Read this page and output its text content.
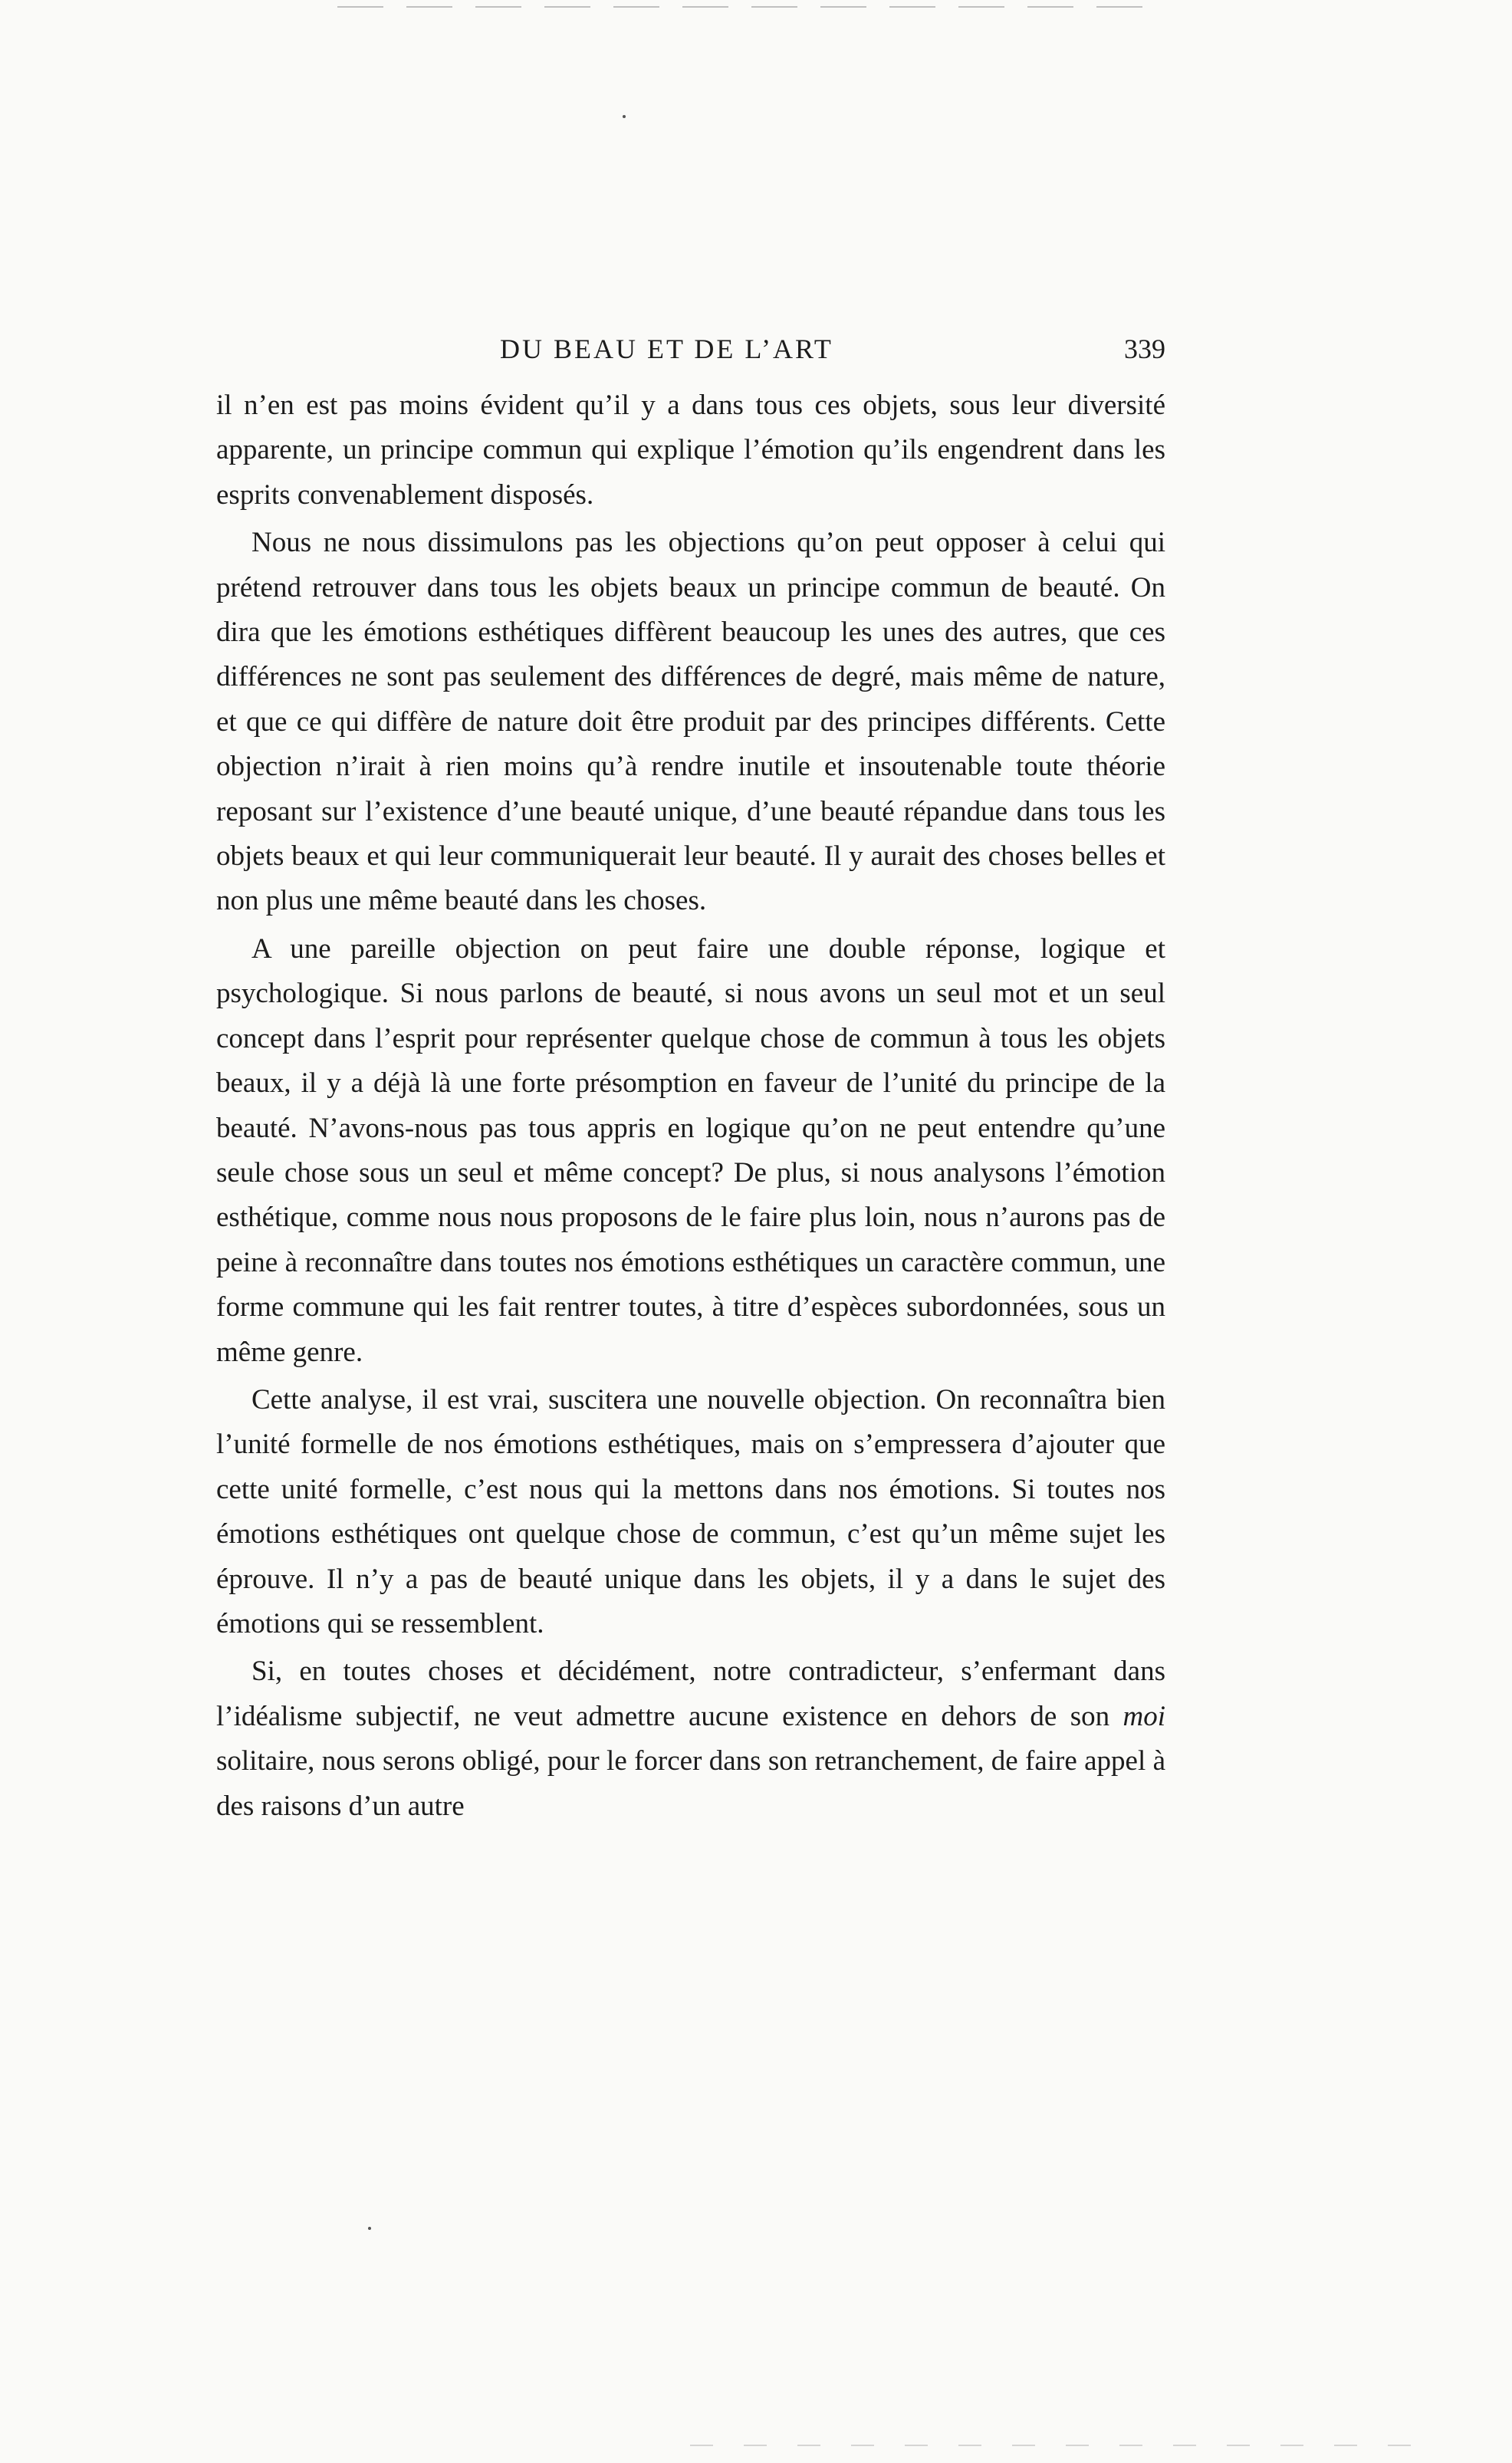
DU BEAU ET DE L’ART	339

il n’en est pas moins évident qu’il y a dans tous ces objets, sous leur diversité apparente, un principe commun qui explique l’émotion qu’ils engendrent dans les esprits convenablement disposés.

Nous ne nous dissimulons pas les objections qu’on peut opposer à celui qui prétend retrouver dans tous les objets beaux un principe commun de beauté. On dira que les émotions esthétiques diffèrent beaucoup les unes des autres, que ces différences ne sont pas seulement des différences de degré, mais même de nature, et que ce qui diffère de nature doit être produit par des principes différents. Cette objection n’irait à rien moins qu’à rendre inutile et insoutenable toute théorie reposant sur l’existence d’une beauté unique, d’une beauté répandue dans tous les objets beaux et qui leur communiquerait leur beauté. Il y aurait des choses belles et non plus une même beauté dans les choses.

A une pareille objection on peut faire une double réponse, logique et psychologique. Si nous parlons de beauté, si nous avons un seul mot et un seul concept dans l’esprit pour représenter quelque chose de commun à tous les objets beaux, il y a déjà là une forte présomption en faveur de l’unité du principe de la beauté. N’avons-nous pas tous appris en logique qu’on ne peut entendre qu’une seule chose sous un seul et même concept? De plus, si nous analysons l’émotion esthétique, comme nous nous proposons de le faire plus loin, nous n’aurons pas de peine à reconnaître dans toutes nos émotions esthétiques un caractère commun, une forme commune qui les fait rentrer toutes, à titre d’espèces subordonnées, sous un même genre.

Cette analyse, il est vrai, suscitera une nouvelle objection. On reconnaîtra bien l’unité formelle de nos émotions esthétiques, mais on s’empressera d’ajouter que cette unité formelle, c’est nous qui la mettons dans nos émotions. Si toutes nos émotions esthétiques ont quelque chose de commun, c’est qu’un même sujet les éprouve. Il n’y a pas de beauté unique dans les objets, il y a dans le sujet des émotions qui se ressemblent.

Si, en toutes choses et décidément, notre contradicteur, s’enfermant dans l’idéalisme subjectif, ne veut admettre aucune existence en dehors de son moi solitaire, nous serons obligé, pour le forcer dans son retranchement, de faire appel à des raisons d’un autre
